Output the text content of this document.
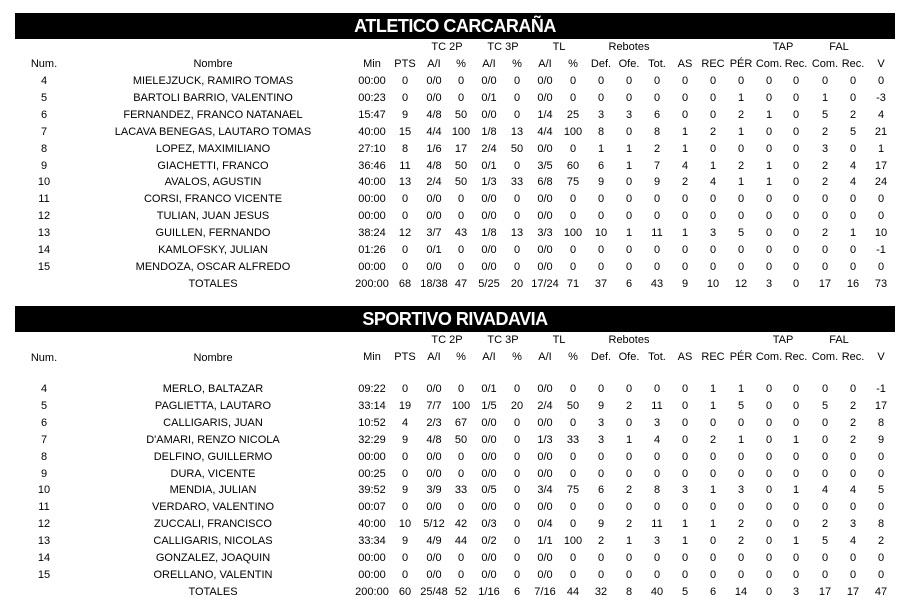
ATLETICO CARCARAÑA
TC 2P	TC 3P	TL	Rebotes	TAP	FAL
Num.	Nombre	Min	PTS	A/I	%	A/I	%	A/I	%	Def. Ofe. Tot.	AS REC PÉR Com. Rec. Com. Rec.	V
4	MIELEJZUCK, RAMIRO TOMAS	00:00	0	0/0	0	0/0	0	0/0	0	0	0	0	0	0	0	0	0	0	0	0
5	BARTOLI BARRIO, VALENTINO	00:23	0	0/0	0	0/1	0	0/0	0	0	0	0	0	0	1	0	0	1	0	-3
6	FERNANDEZ, FRANCO NATANAEL	15:47	9	4/8	50	0/0	0	1/4	25	3	3	6	0	0	2	1	0	5	2	4
7	LACAVA BENEGAS, LAUTARO TOMAS	40:00	15	4/4 100	1/8	13	4/4	100	8	0	8	1	2	1	0	0	2	5	21
8	LOPEZ, MAXIMILIANO	27:10	8	1/6	17	2/4	50	0/0	0	1	1	2	1	0	0	0	0	3	0	1
9	GIACHETTI, FRANCO	36:46	11	4/8	50	0/1	0	3/5	60	6	1	7	4	1	2	1	0	2	4	17
10	AVALOS, AGUSTIN	40:00	13	2/4	50	1/3	33	6/8	75	9	0	9	2	4	1	1	0	2	4	24
11	CORSI, FRANCO VICENTE	00:00	0	0/0	0	0/0	0	0/0	0	0	0	0	0	0	0	0	0	0	0	0
12	TULIAN, JUAN JESUS	00:00	0	0/0	0	0/0	0	0/0	0	0	0	0	0	0	0	0	0	0	0	0
13	GUILLEN, FERNANDO	38:24	12	3/7	43	1/8	13	3/3	100	10	1	11	1	3	5	0	0	2	1	10
14	KAMLOFSKY, JULIAN	01:26	0	0/1	0	0/0	0	0/0	0	0	0	0	0	0	0	0	0	0	0	-1
15	MENDOZA, OSCAR ALFREDO	00:00	0	0/0	0	0/0	0	0/0	0	0	0	0	0	0	0	0	0	0	0	0
TOTALES	200:00 68 18/38 47	5/25	20 17/24 71	37	6	43	9	10	12	3	0	17	16	73
SPORTIVO RIVADAVIA
TC 2P	TC 3P	TL	Rebotes	TAP	FAL
Num.	Nombre	Min	PTS	A/I	%	A/I	%	A/I	%	Def. Ofe. Tot.	AS REC PÉR Com. Rec. Com. Rec.	V
4	MERLO, BALTAZAR	09:22	0	0/0	0	0/1	0	0/0	0	0	0	0	0	1	1	0	0	0	0	-1
5	PAGLIETTA, LAUTARO	33:14	19	7/7 100	1/5	20	2/4	50	9	2	11	0	1	5	0	0	5	2	17
6	CALLIGARIS, JUAN	10:52	4	2/3	67	0/0	0	0/0	0	3	0	3	0	0	0	0	0	0	2	8
7	D'AMARI, RENZO NICOLA	32:29	9	4/8	50	0/0	0	1/3	33	3	1	4	0	2	1	0	1	0	2	9
8	DELFINO, GUILLERMO	00:00	0	0/0	0	0/0	0	0/0	0	0	0	0	0	0	0	0	0	0	0	0
9	DURA, VICENTE	00:25	0	0/0	0	0/0	0	0/0	0	0	0	0	0	0	0	0	0	0	0	0
10	MENDIA, JULIAN	39:52	9	3/9	33	0/5	0	3/4	75	6	2	8	3	1	3	0	1	4	4	5
11	VERDARO, VALENTINO	00:07	0	0/0	0	0/0	0	0/0	0	0	0	0	0	0	0	0	0	0	0	0
12	ZUCCALI, FRANCISCO	40:00	10	5/12 42	0/3	0	0/4	0	9	2	11	1	1	2	0	0	2	3	8
13	CALLIGARIS, NICOLAS	33:34	9	4/9	44	0/2	0	1/1	100	2	1	3	1	0	2	0	1	5	4	2
14	GONZALEZ, JOAQUIN	00:00	0	0/0	0	0/0	0	0/0	0	0	0	0	0	0	0	0	0	0	0	0
15	ORELLANO, VALENTIN	00:00	0	0/0	0	0/0	0	0/0	0	0	0	0	0	0	0	0	0	0	0	0
TOTALES	200:00 60 25/48 52	1/16	6	7/16	44	32	8	40	5	6	14	0	3	17	17	47
